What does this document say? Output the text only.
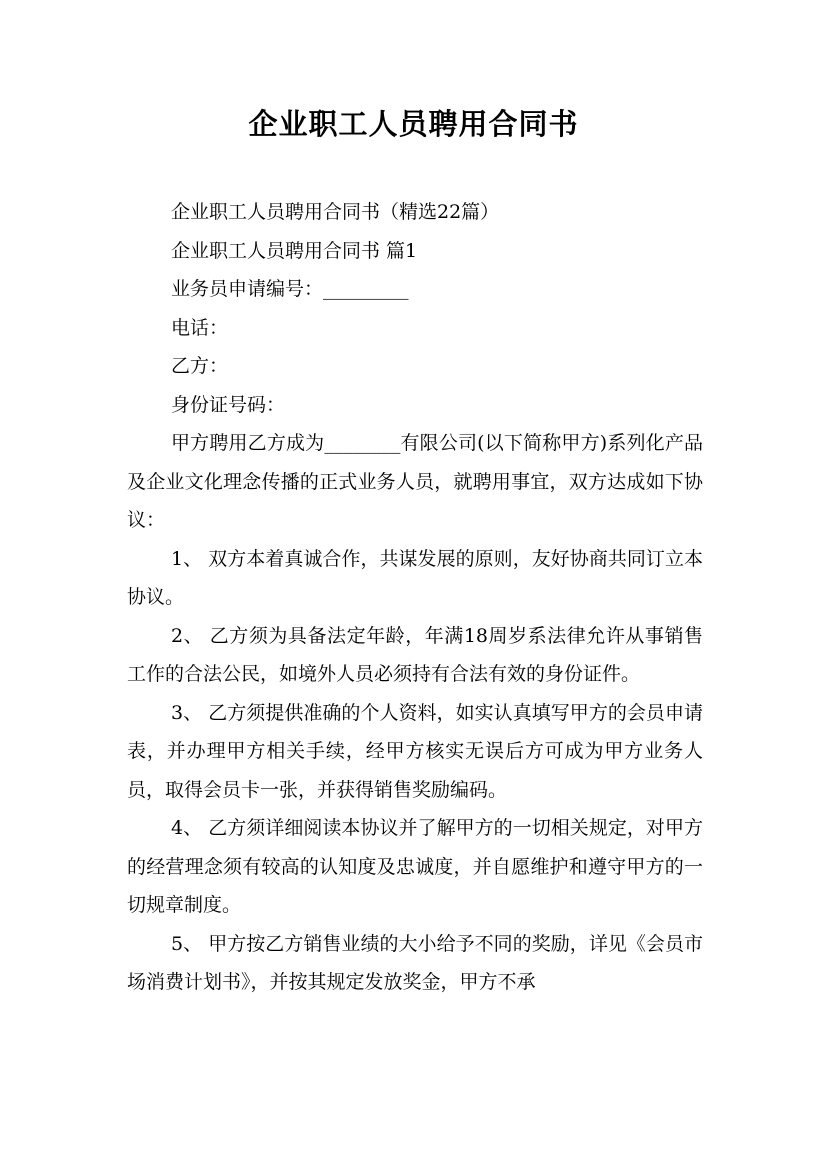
企业职工人员聘用合同书
企业职工人员聘用合同书（精选22篇）
企业职工人员聘用合同书 篇1
业务员申请编号：_________
电话：
乙方：
身份证号码：

甲方聘用乙方成为________有限公司(以下简称甲方)系列化产品及企业文化理念传播的正式业务人员，就聘用事宜，双方达成如下协议：

1、 双方本着真诚合作，共谋发展的原则，友好协商共同订立本协议。

2、 乙方须为具备法定年龄，年满18周岁系法律允许从事销售工作的合法公民，如境外人员必须持有合法有效的身份证件。

3、 乙方须提供准确的个人资料，如实认真填写甲方的会员申请表，并办理甲方相关手续，经甲方核实无误后方可成为甲方业务人员，取得会员卡一张，并获得销售奖励编码。

4、 乙方须详细阅读本协议并了解甲方的一切相关规定，对甲方的经营理念须有较高的认知度及忠诚度，并自愿维护和遵守甲方的一切规章制度。

5、 甲方按乙方销售业绩的大小给予不同的奖励，详见《会员市场消费计划书》，并按其规定发放奖金，甲方不承
